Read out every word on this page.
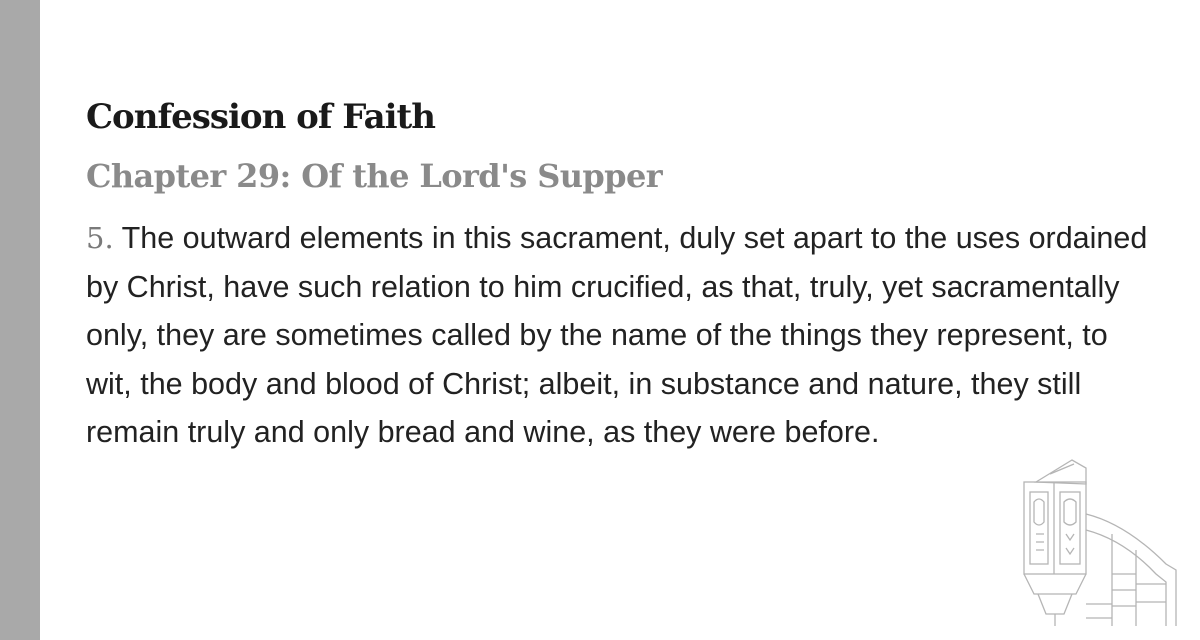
Confession of Faith
Chapter 29: Of the Lord's Supper

5. The outward elements in this sacrament, duly set apart to the uses ordained by Christ, have such relation to him crucified, as that, truly, yet sacramentally only, they are sometimes called by the name of the things they represent, to wit, the body and blood of Christ; albeit, in substance and nature, they still remain truly and only bread and wine, as they were before.
